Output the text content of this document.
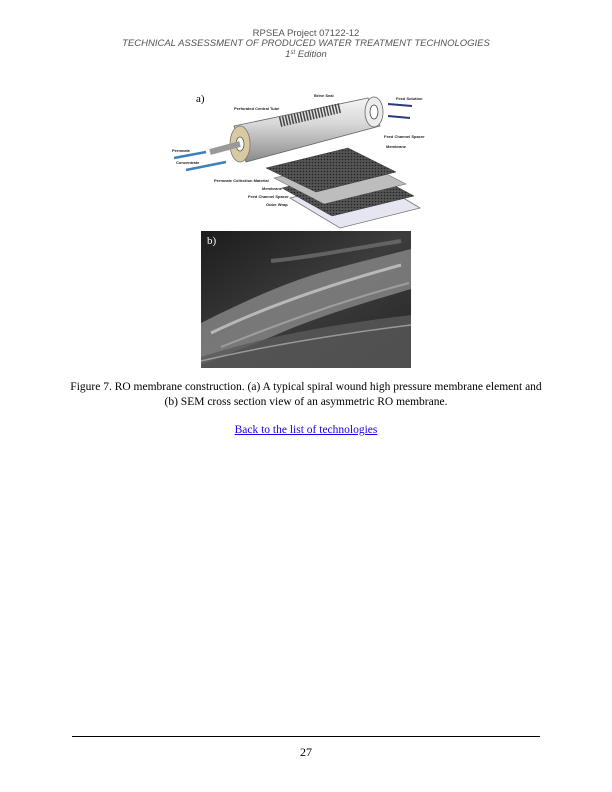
RPSEA Project 07122-12
TECHNICAL ASSESSMENT OF PRODUCED WATER TREATMENT TECHNOLOGIES
1st Edition
a)	Brine Seal
Feed Solution
Perforated Central Tube
Feed Channel Spacer
Membrane
Permeate
Concentrate
Permeate Collection Material
Membrane
Feed Channel Spacer
Outer Wrap
b)
Figure 7. RO membrane construction. (a) A typical spiral wound high pressure membrane element and (b) SEM cross section view of an asymmetric RO membrane.
Back to the list of technologies
27
